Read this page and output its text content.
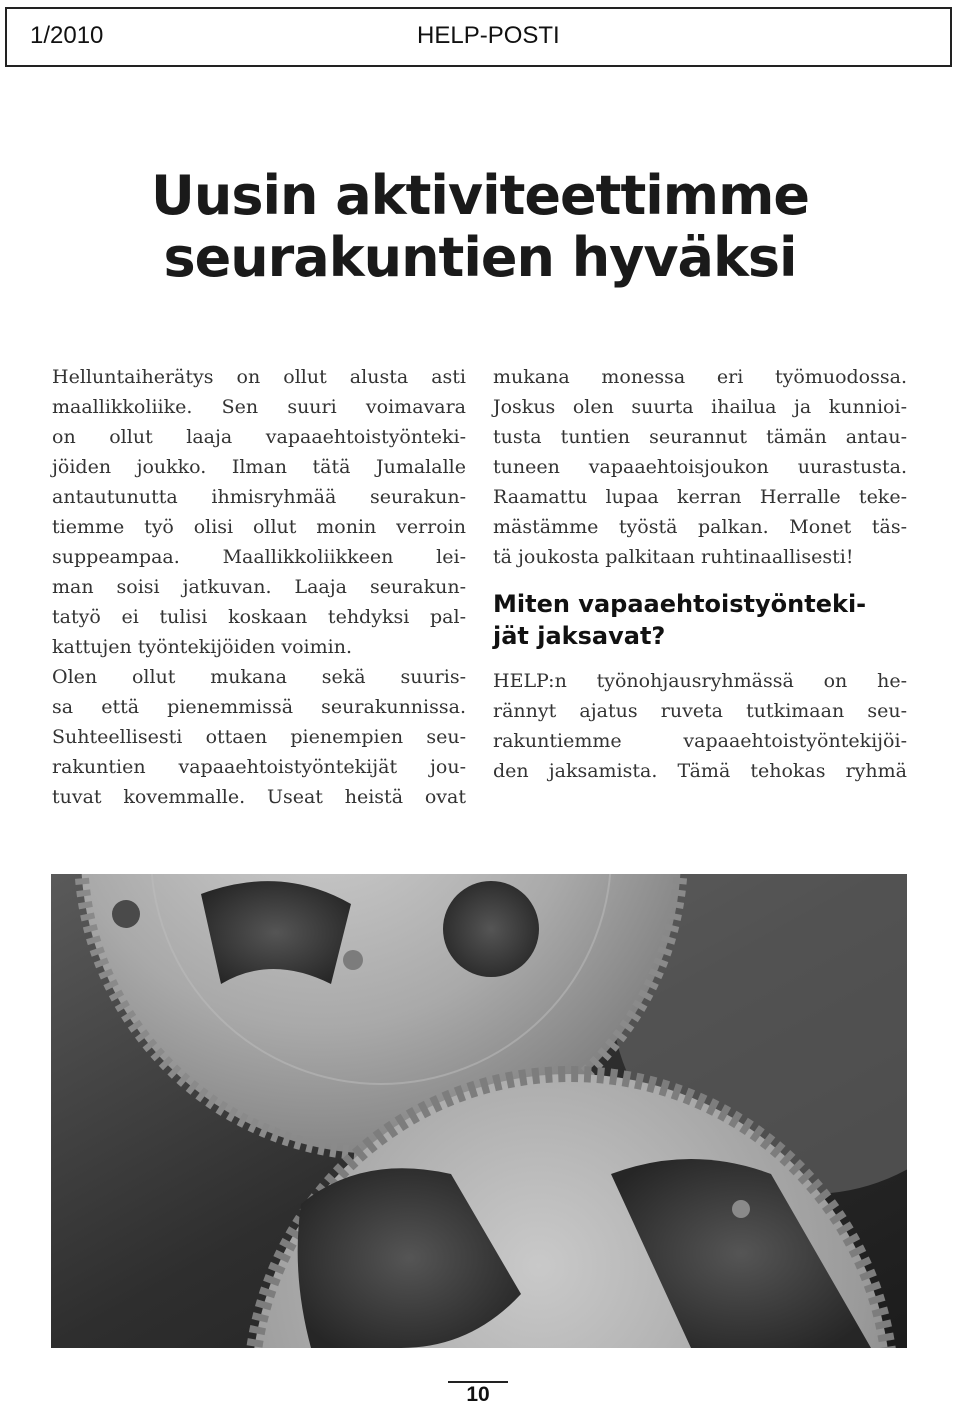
1/2010	HELP-POSTI
Uusin aktiviteettimme
seurakuntien hyväksi
Helluntaiherätys on ollut alusta asti
maallikkoliike. Sen suuri voimavara
on ollut laaja vapaaehtoistyönteki-
jöiden joukko. Ilman tätä Jumalalle
antautunutta ihmisryhmää seurakun-
tiemme työ olisi ollut monin verroin
suppeampaa. Maallikkoliikkeen lei-
man soisi jatkuvan. Laaja seurakun-
tatyö ei tulisi koskaan tehdyksi pal-
kattujen työntekijöiden voimin.
Olen ollut mukana sekä suuris-
sa että pienemmissä seurakunnissa.
Suhteellisesti ottaen pienempien seu-
rakuntien vapaaehtoistyöntekijät jou-
tuvat kovemmalle. Useat heistä ovat
mukana monessa eri työmuodossa.
Joskus olen suurta ihailua ja kunnioi-
tusta tuntien seurannut tämän antau-
tuneen vapaaehtoisjoukon uurastusta.
Raamattu lupaa kerran Herralle teke-
mästämme työstä palkan. Monet täs-
tä joukosta palkitaan ruhtinaallisesti!
Miten vapaaehtoistyönteki-
jät jaksavat?
HELP:n työnohjausryhmässä on he-
rännyt ajatus ruveta tutkimaan seu-
rakuntiemme vapaaehtoistyöntekijöi-
den jaksamista. Tämä tehokas ryhmä
10
